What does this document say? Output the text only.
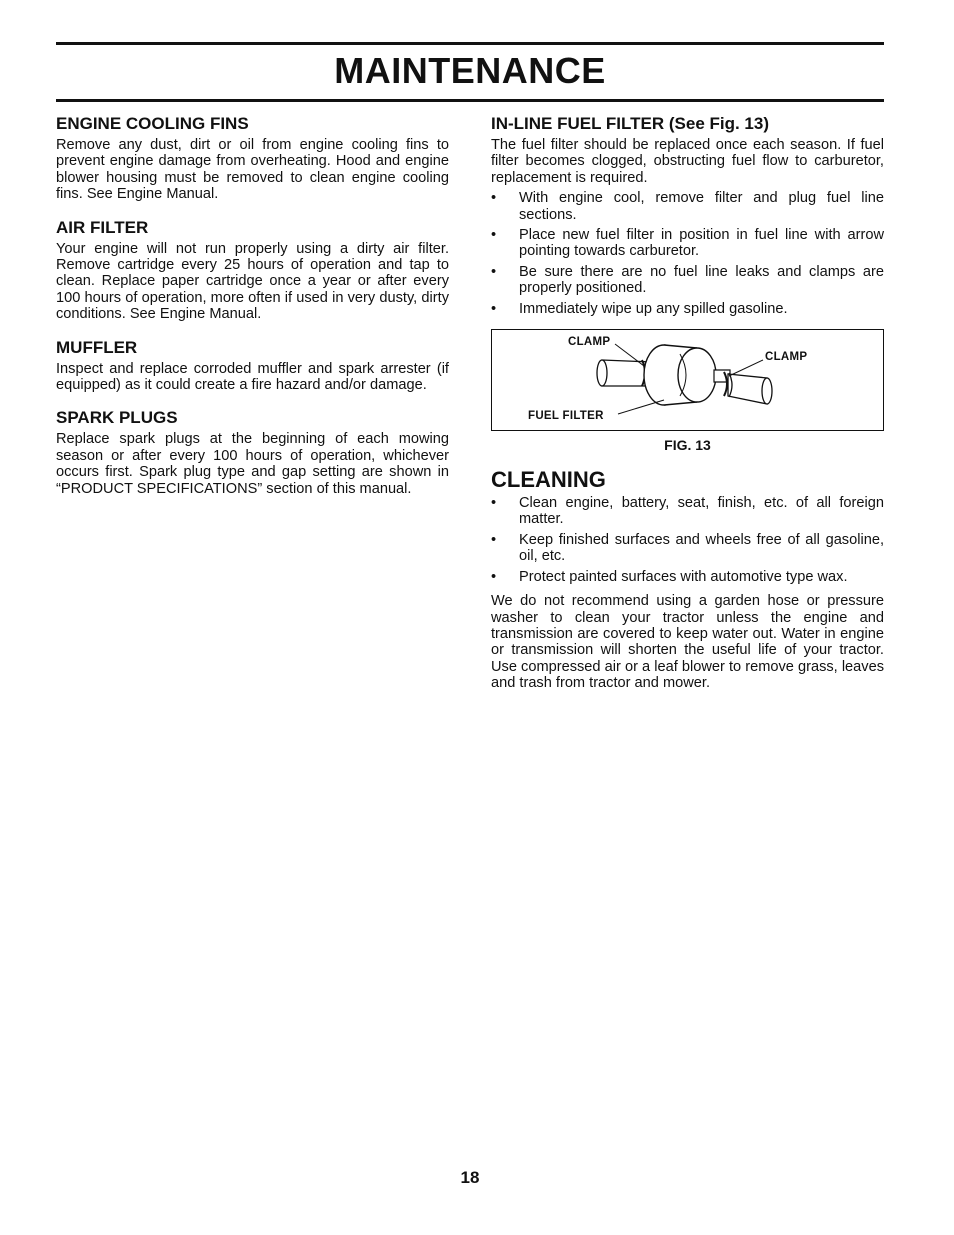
MAINTENANCE
ENGINE COOLING FINS

Remove any dust, dirt or oil from engine cooling fins to prevent engine damage from overheating. Hood and engine blower housing must be removed to clean engine cooling fins. See Engine Manual.

AIR FILTER

Your engine will not run properly using a dirty air filter. Remove cartridge every 25 hours of operation and tap to clean. Replace paper cartridge once a year or after every 100 hours of operation, more often if used in very dusty, dirty conditions. See Engine Manual.

MUFFLER

Inspect and replace corroded muffler and spark arrester (if equipped) as it could create a fire hazard and/or damage.

SPARK PLUGS

Replace spark plugs at the beginning of each mowing season or after every 100 hours of operation, whichever occurs first. Spark plug type and gap setting are shown in “PRODUCT SPECIFICATIONS” section of this manual.

IN-LINE FUEL FILTER (See Fig. 13)

The fuel filter should be replaced once each season. If fuel filter becomes clogged, obstructing fuel flow to carburetor, replacement is required.

• With engine cool, remove filter and plug fuel line sections.
• Place new fuel filter in position in fuel line with arrow pointing towards carburetor.
• Be sure there are no fuel line leaks and clamps are properly positioned.
• Immediately wipe up any spilled gasoline.
CLAMP
CLAMP
FUEL FILTER
FIG. 13
CLEANING
• Clean engine, battery, seat, finish, etc. of all foreign matter.
• Keep finished surfaces and wheels free of all gasoline, oil, etc.
• Protect painted surfaces with automotive type wax.

We do not recommend using a garden hose or pressure washer to clean your tractor unless the engine and transmission are covered to keep water out. Water in engine or transmission will shorten the useful life of your tractor. Use compressed air or a leaf blower to remove grass, leaves and trash from tractor and mower.

18
